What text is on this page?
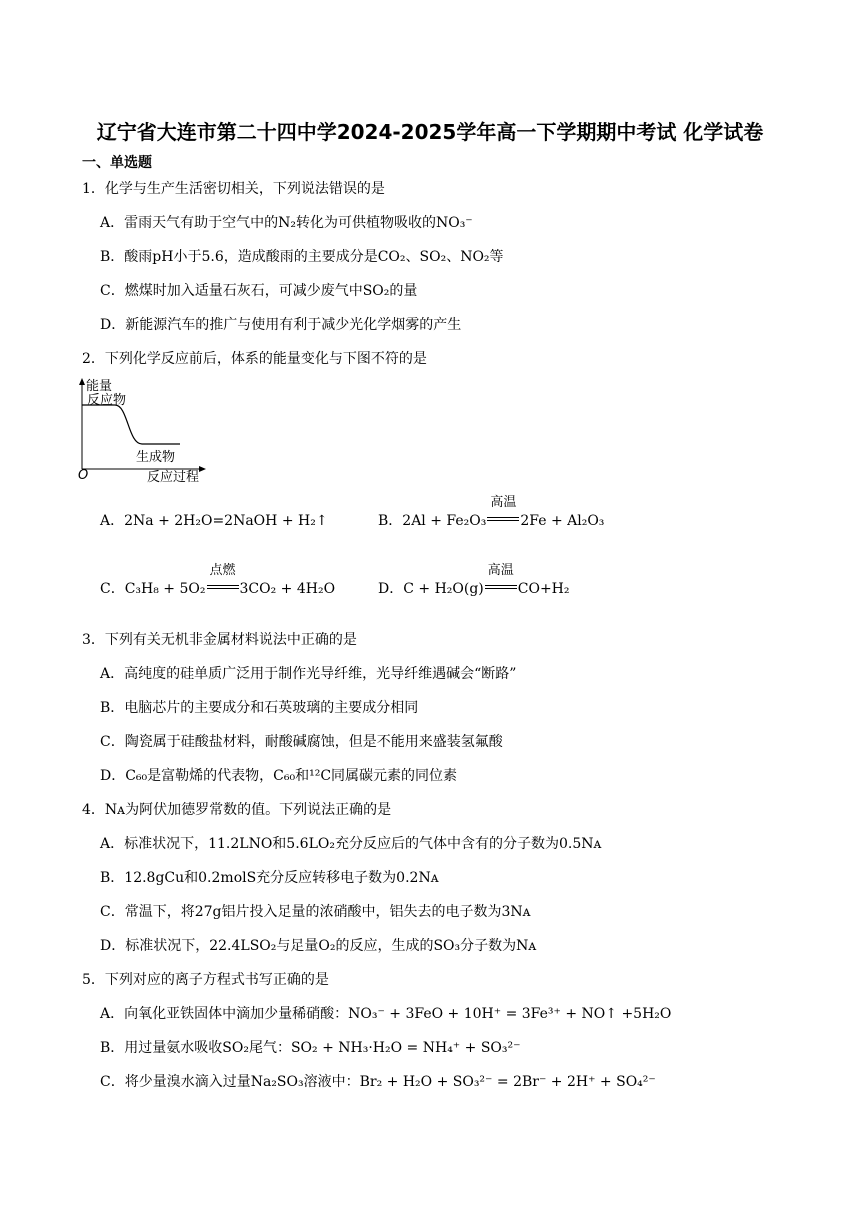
辽宁省大连市第二十四中学2024-2025学年高一下学期期中考试 化学试卷
一、单选题
1．化学与生产生活密切相关，下列说法错误的是
A．雷雨天气有助于空气中的N₂转化为可供植物吸收的NO₃⁻
B．酸雨pH小于5.6，造成酸雨的主要成分是CO₂、SO₂、NO₂等
C．燃煤时加入适量石灰石，可减少废气中SO₂的量
D．新能源汽车的推广与使用有利于减少光化学烟雾的产生
2．下列化学反应前后，体系的能量变化与下图不符的是
能量
反应物
生成物
O	反应过程
A．2Na + 2H₂O=2NaOH + H₂↑	B．2Al + Fe₂O₃
高温
2Fe + Al₂O₃
C．C₃H₈ + 5O₂
点燃
3CO₂ + 4H₂O	D．C + H₂O(g)
高温
CO+H₂
3．下列有关无机非金属材料说法中正确的是
A．高纯度的硅单质广泛用于制作光导纤维，光导纤维遇碱会“断路”
B．电脑芯片的主要成分和石英玻璃的主要成分相同
C．陶瓷属于硅酸盐材料，耐酸碱腐蚀，但是不能用来盛装氢氟酸
D．C₆₀是富勒烯的代表物，C₆₀和¹²C同属碳元素的同位素
4．Nᴀ为阿伏加德罗常数的值。下列说法正确的是
A．标准状况下，11.2LNO和5.6LO₂充分反应后的气体中含有的分子数为0.5Nᴀ
B．12.8gCu和0.2molS充分反应转移电子数为0.2Nᴀ
C．常温下，将27g铝片投入足量的浓硝酸中，铝失去的电子数为3Nᴀ
D．标准状况下，22.4LSO₂与足量O₂的反应，生成的SO₃分子数为Nᴀ
5．下列对应的离子方程式书写正确的是
A．向氧化亚铁固体中滴加少量稀硝酸：NO₃⁻ + 3FeO + 10H⁺ = 3Fe³⁺ + NO↑ +5H₂O
B．用过量氨水吸收SO₂尾气：SO₂ + NH₃·H₂O = NH₄⁺ + SO₃²⁻
C．将少量溴水滴入过量Na₂SO₃溶液中：Br₂ + H₂O + SO₃²⁻ = 2Br⁻ + 2H⁺ + SO₄²⁻
